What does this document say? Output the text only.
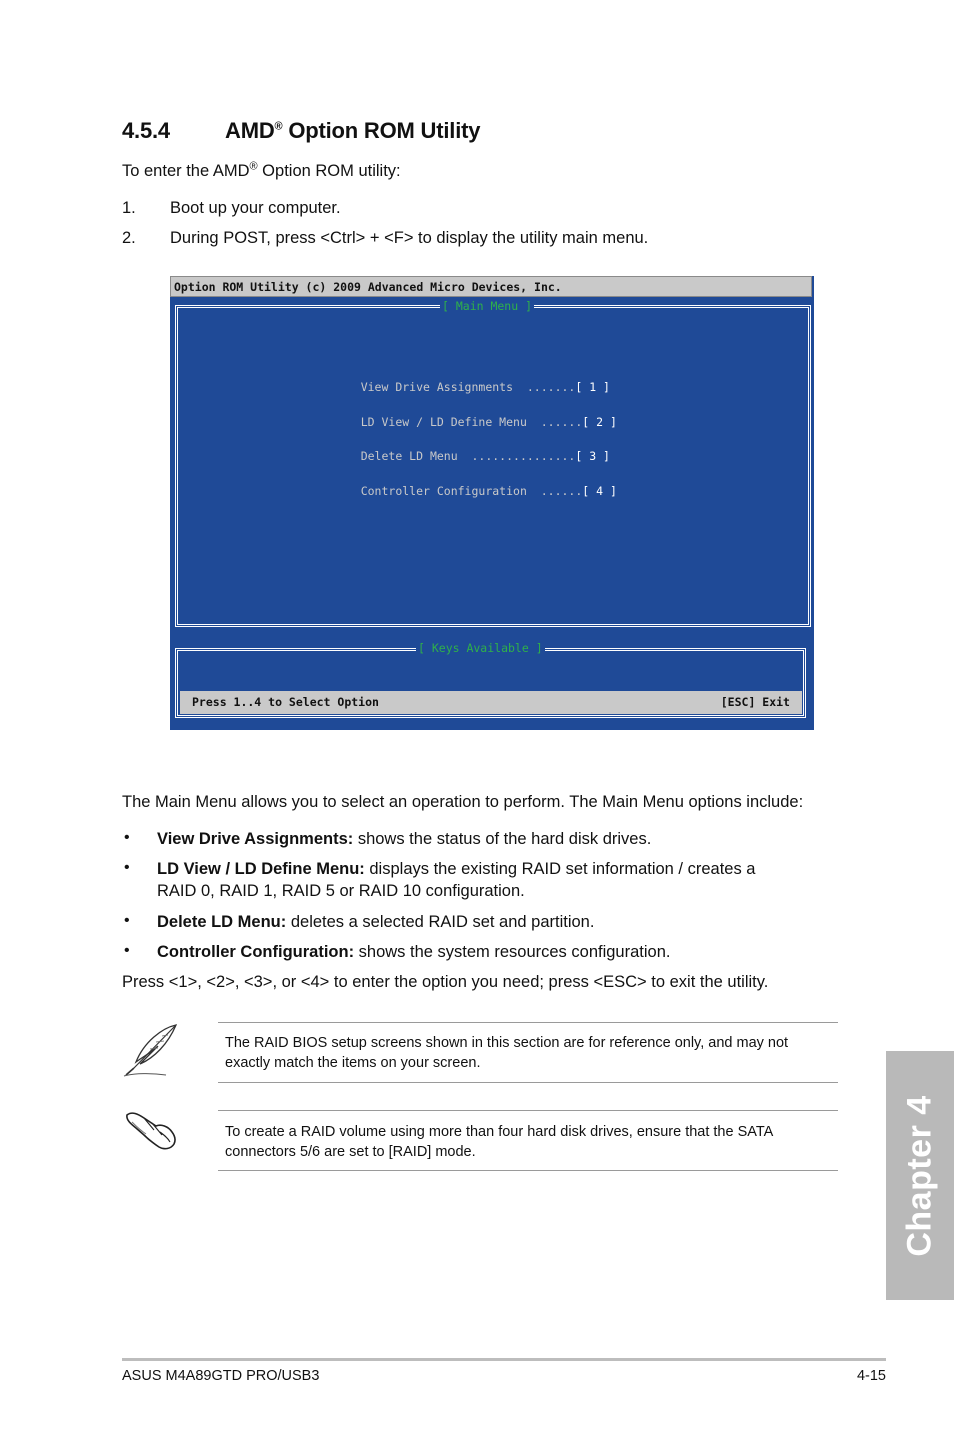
4.5.4	AMD® Option ROM Utility
To enter the AMD® Option ROM utility:
1. Boot up your computer.
2. During POST, press <Ctrl> + <F> to display the utility main menu.
Option ROM Utility (c) 2009 Advanced Micro Devices, Inc.
[ Main Menu ]

View Drive Assignments  .......[ 1 ]

LD View / LD Define Menu  ......[ 2 ]

Delete LD Menu  ...............[ 3 ]

Controller Configuration  ......[ 4 ]

[ Keys Available ]
Press 1..4 to Select Option	[ESC] Exit
The Main Menu allows you to select an operation to perform. The Main Menu options include:
• View Drive Assignments: shows the status of the hard disk drives.
• LD View / LD Define Menu: displays the existing RAID set information / creates a
RAID 0, RAID 1, RAID 5 or RAID 10 configuration.
• Delete LD Menu: deletes a selected RAID set and partition.
• Controller Configuration: shows the system resources configuration.
Press <1>, <2>, <3>, or <4> to enter the option you need; press <ESC> to exit the utility.
The RAID BIOS setup screens shown in this section are for reference only, and may not
exactly match the items on your screen.
To create a RAID volume using more than four hard disk drives, ensure that the SATA
connectors 5/6 are set to [RAID] mode.	Chapter 4
ASUS M4A89GTD PRO/USB3	4-15
